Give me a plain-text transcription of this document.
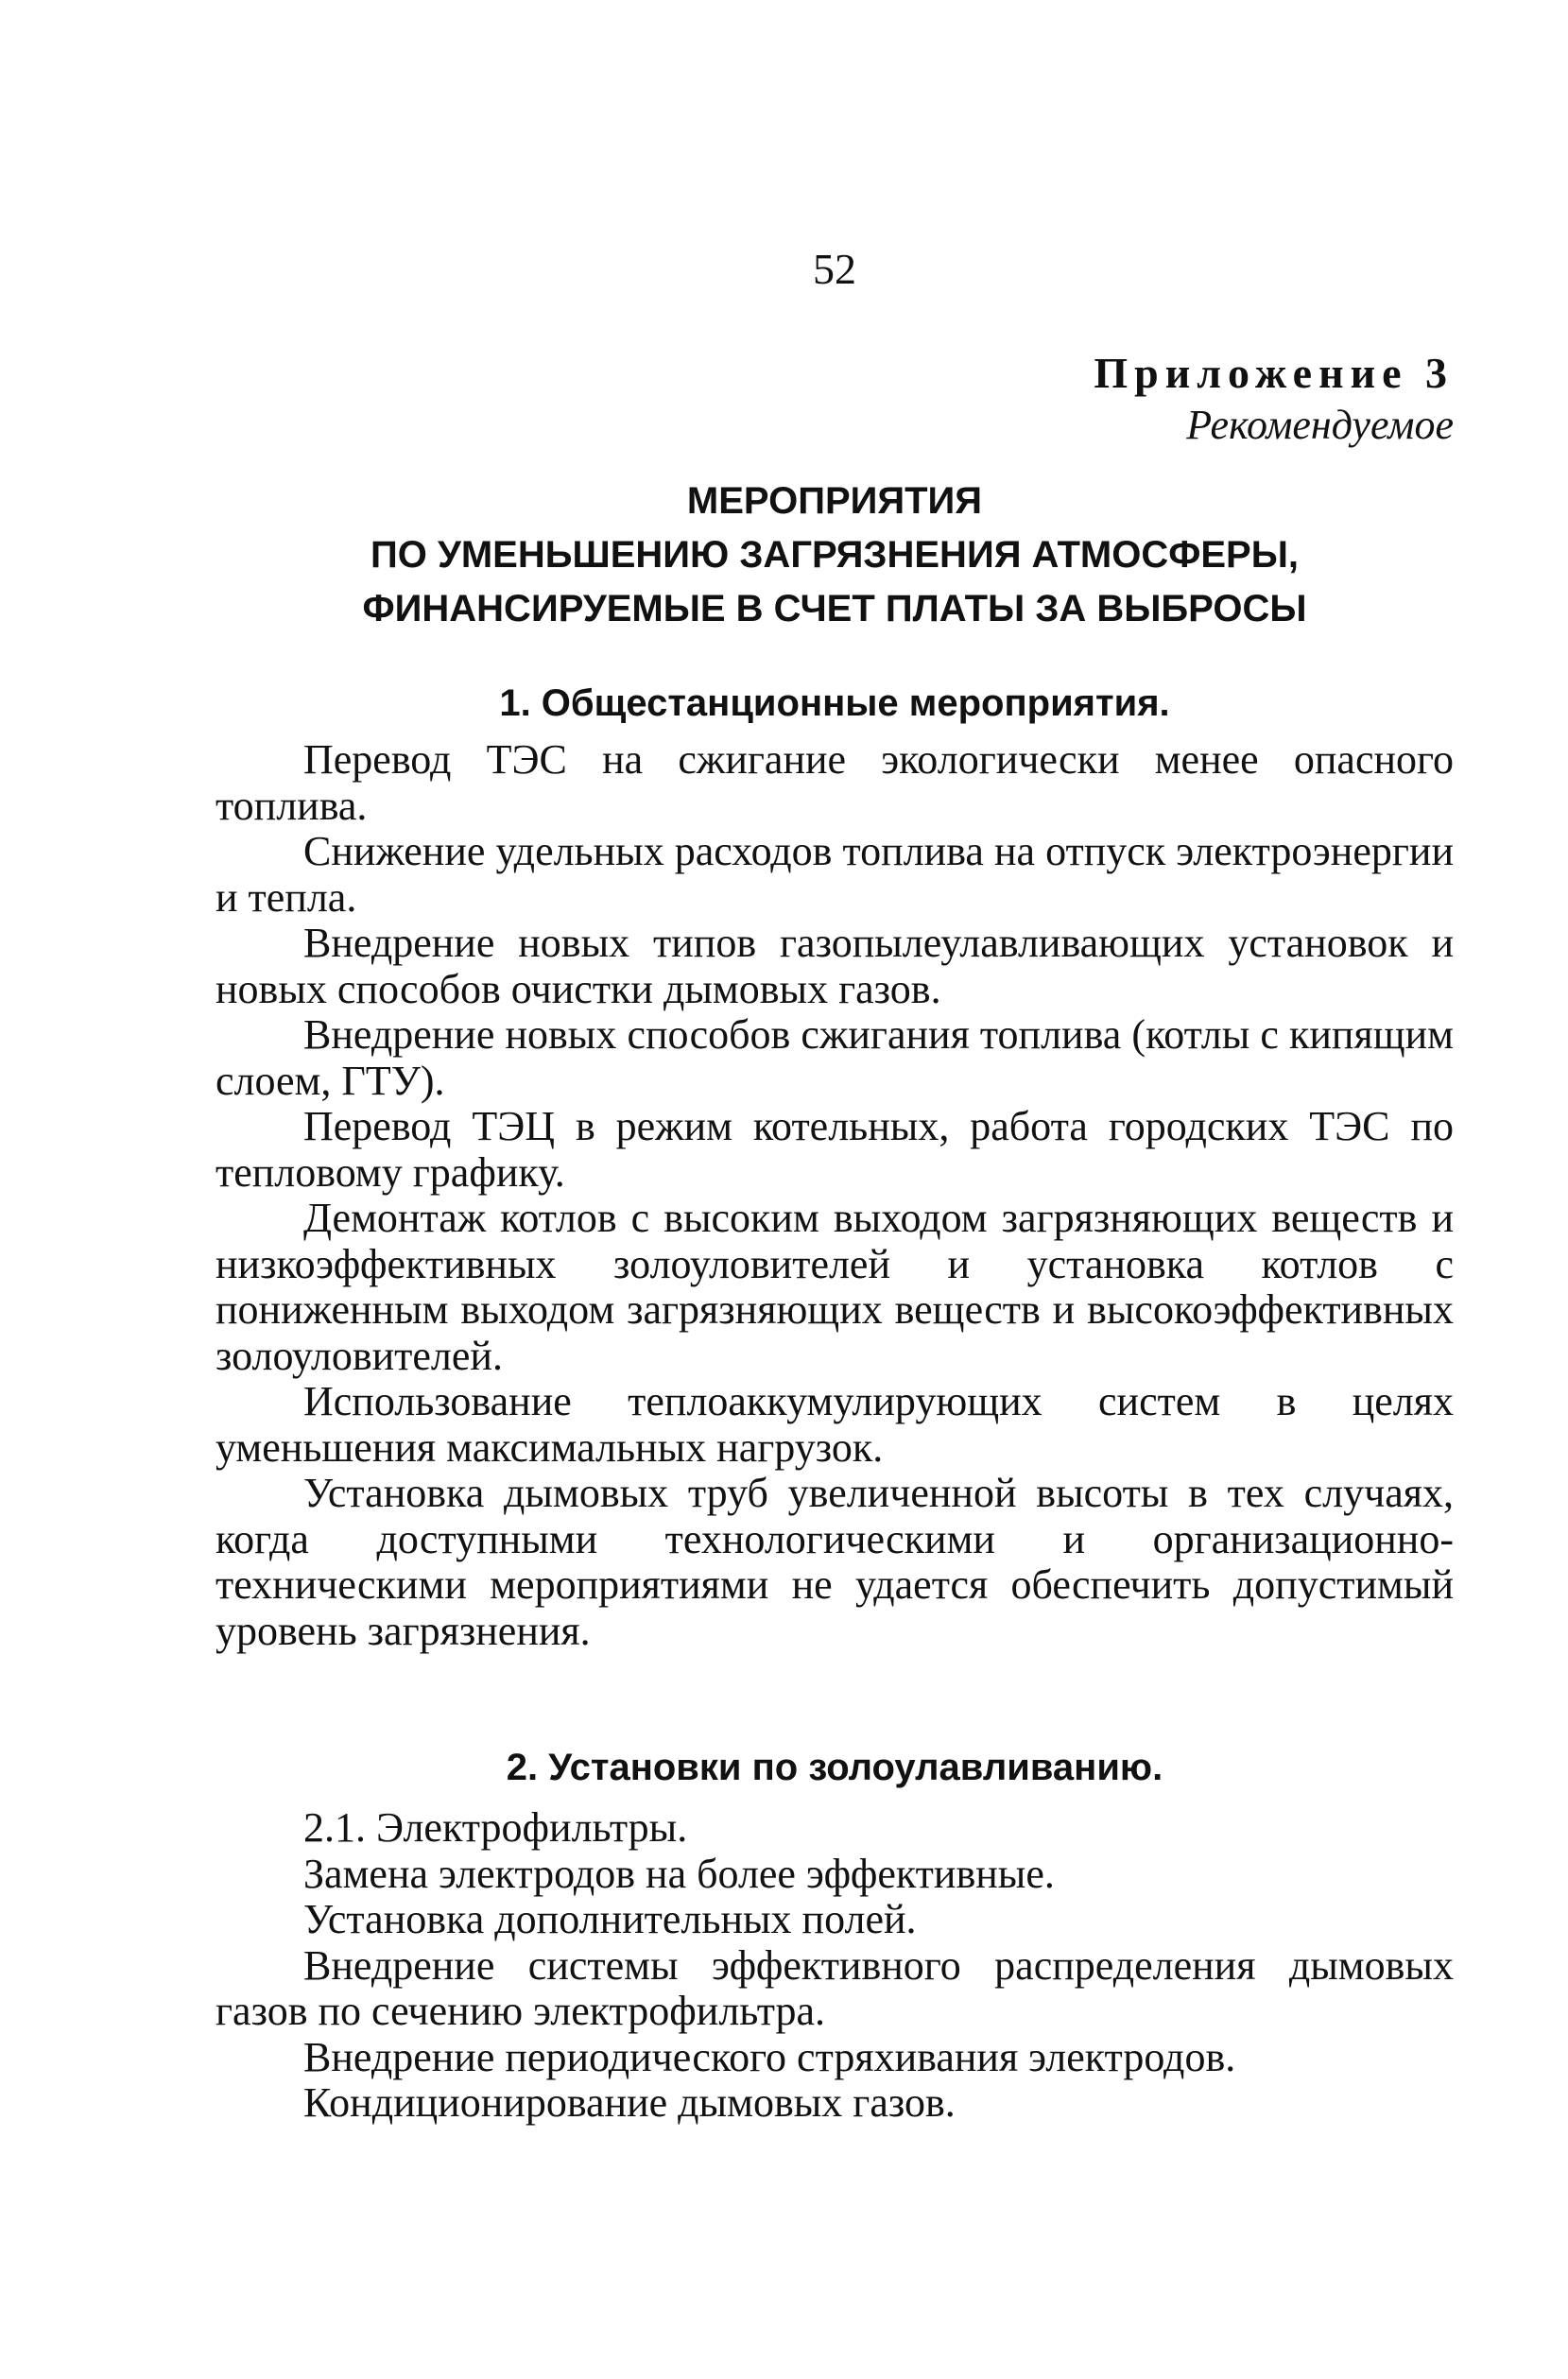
52
Приложение 3
Рекомендуемое
МЕРОПРИЯТИЯ
ПО УМЕНЬШЕНИЮ ЗАГРЯЗНЕНИЯ АТМОСФЕРЫ,
ФИНАНСИРУЕМЫЕ В СЧЕТ ПЛАТЫ ЗА ВЫБРОСЫ
1. Общестанционные мероприятия.

Перевод ТЭС на сжигание экологически менее опасного топлива.

Снижение удельных расходов топлива на отпуск электроэнергии и тепла.

Внедрение новых типов газопылеулавливающих установок и новых способов очистки дымовых газов.

Внедрение новых способов сжигания топлива (котлы с кипящим слоем, ГТУ).

Перевод ТЭЦ в режим котельных, работа городских ТЭС по тепловому графику.

Демонтаж котлов с высоким выходом загрязняющих веществ и низкоэффективных золоуловителей и установка котлов с пониженным выходом загрязняющих веществ и высокоэффективных золоуловителей.

Использование теплоаккумулирующих систем в целях уменьшения максимальных нагрузок.

Установка дымовых труб увеличенной высоты в тех случаях, когда доступными технологическими и организационно-техническими мероприятиями не удается обеспечить допустимый уровень загрязнения.

2. Установки по золоулавливанию.

2.1. Электрофильтры.

Замена электродов на более эффективные.

Установка дополнительных полей.

Внедрение системы эффективного распределения дымовых газов по сечению электрофильтра.

Внедрение периодического стряхивания электродов.

Кондиционирование дымовых газов.
